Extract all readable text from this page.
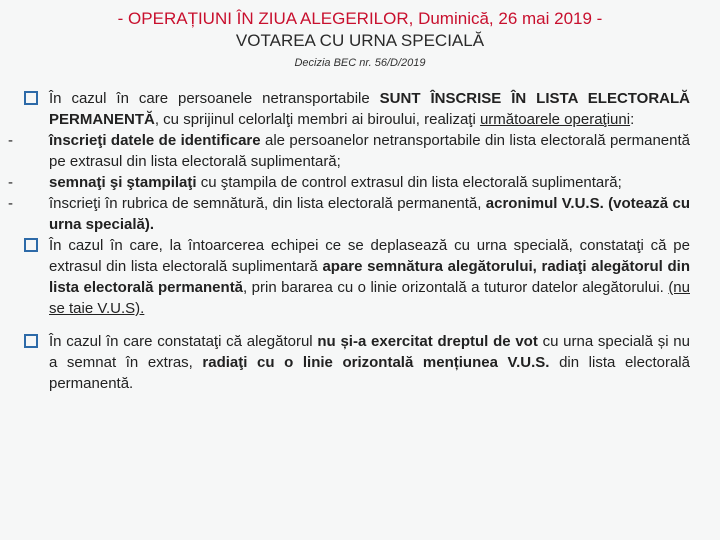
- OPERAȚIUNI ÎN ZIUA ALEGERILOR, Duminică, 26 mai 2019 -
VOTAREA CU URNA SPECIALĂ
Decizia BEC nr. 56/D/2019
În cazul în care persoanele netransportabile SUNT ÎNSCRISE ÎN LISTA ELECTORALĂ PERMANENTĂ, cu sprijinul celorlalţi membri ai biroului, realizaţi următoarele operaţiuni:
- înscrieţi datele de identificare ale persoanelor netransportabile din lista electorală permanentă pe extrasul din lista electorală suplimentară;
- semnaţi şi ştampilaţi cu ştampila de control extrasul din lista electorală suplimentară;
- înscrieţi în rubrica de semnătură, din lista electorală permanentă, acronimul V.U.S. (votează cu urna specială).
În cazul în care, la întoarcerea echipei ce se deplasează cu urna specială, constataţi că pe extrasul din lista electorală suplimentară apare semnătura alegătorului, radiaţi alegătorul din lista electorală permanentă, prin bararea cu o linie orizontală a tuturor datelor alegătorului. (nu se taie V.U.S).
În cazul în care constataţi că alegătorul nu și-a exercitat dreptul de vot cu urna specială și nu a semnat în extras, radiaţi cu o linie orizontală mențiunea V.U.S. din lista electorală permanentă.
